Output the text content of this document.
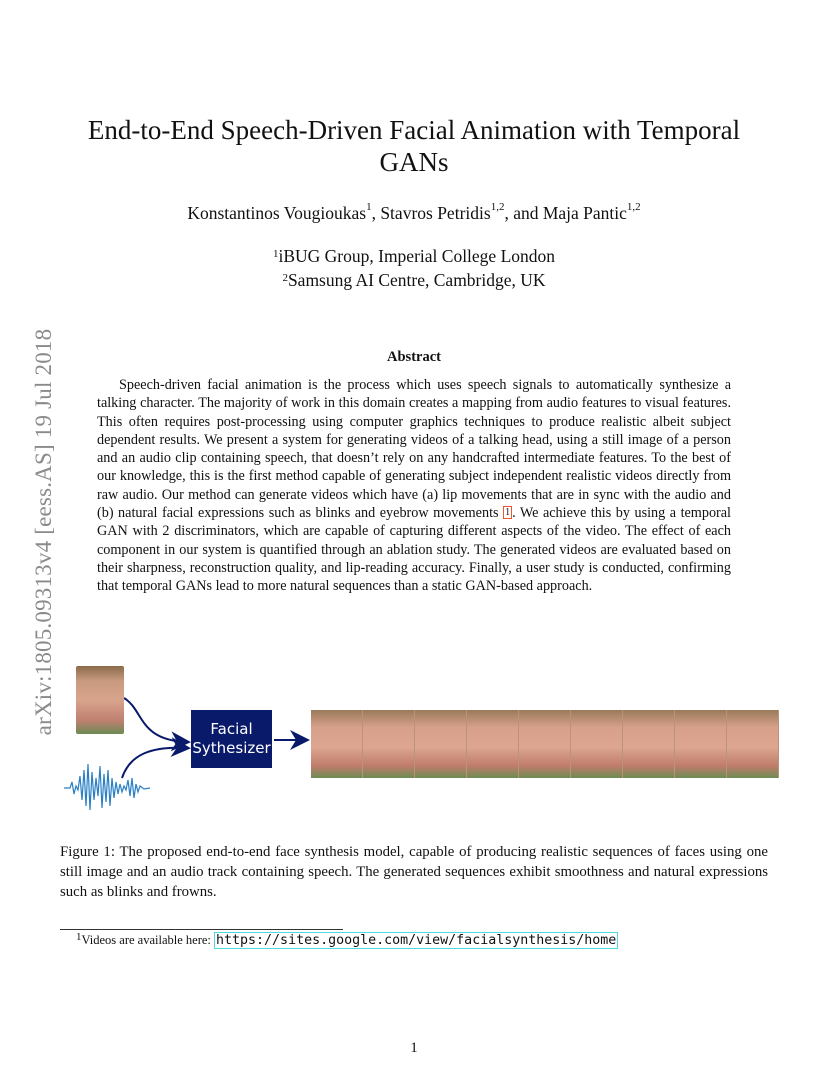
End-to-End Speech-Driven Facial Animation with Temporal GANs
Konstantinos Vougioukas$^1$, Stavros Petridis$^{1,2}$, and Maja Pantic$^{1,2}$
$^1$iBUG Group, Imperial College London
$^2$Samsung AI Centre, Cambridge, UK
arXiv:1805.09313v4 [eess.AS] 19 Jul 2018	Abstract
Speech-driven facial animation is the process which uses speech signals to automatically synthesize a talking character. The majority of work in this domain creates a mapping from audio features to visual features. This often requires post-processing using computer graphics techniques to produce realistic albeit subject dependent results. We present a system for generating videos of a talking head, using a still image of a person and an audio clip containing speech, that doesn’t rely on any handcrafted intermediate features. To the best of our knowledge, this is the first method capable of generating subject independent realistic videos directly from raw audio. Our method can generate videos which have (a) lip movements that are in sync with the audio and (b) natural facial expressions such as blinks and eyebrow movements $^1$ . We achieve this by using a temporal GAN with 2 discriminators, which are capable of capturing different aspects of the video. The effect of each component in our system is quantified through an ablation study. The generated videos are evaluated based on their sharpness, reconstruction quality, and lip-reading accuracy. Finally, a user study is conducted, confirming that temporal GANs lead to more natural sequences than a static GAN-based approach.
Facial
Sythesizer
Figure 1: The proposed end-to-end face synthesis model, capable of producing realistic sequences of faces using one still image and an audio track containing speech. The generated sequences exhibit smoothness and natural expressions such as blinks and frowns.
$^1$Videos are available here: https://sites.google.com/view/facialsynthesis/home
1
